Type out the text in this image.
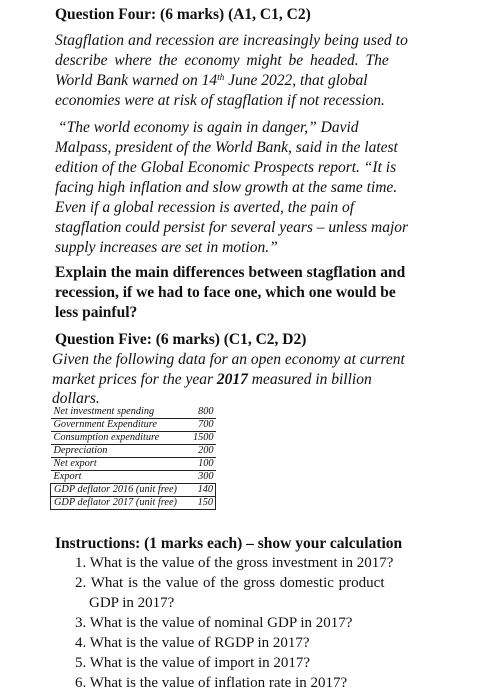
Question Four: (6 marks) (A1, C1, C2)
Stagflation and recession are increasingly being used to
describe where the economy might be headed. The
World Bank warned on 14th June 2022, that global
economies were at risk of stagflation if not recession.
“The world economy is again in danger,” David
Malpass, president of the World Bank, said in the latest
edition of the Global Economic Prospects report. “It is
facing high inflation and slow growth at the same time.
Even if a global recession is averted, the pain of
stagflation could persist for several years – unless major
supply increases are set in motion.”
Explain the main differences between stagflation and
recession, if we had to face one, which one would be
less painful?
Question Five: (6 marks) (C1, C2, D2)
Given the following data for an open economy at current
market prices for the year 2017 measured in billion
dollars.
Net investment spending	800
Government Expenditure	700
Consumption expenditure	1500
Depreciation	200
Net export	100
Export	300
GDP deflator 2016 (unit free)	140
GDP deflator 2017 (unit free)	150
Instructions: (1 marks each) – show your calculation
1. What is the value of the gross investment in 2017?
2. What is the value of the gross domestic product
GDP in 2017?
3. What is the value of nominal GDP in 2017?
4. What is the value of RGDP in 2017?
5. What is the value of import in 2017?
6. What is the value of inflation rate in 2017?
